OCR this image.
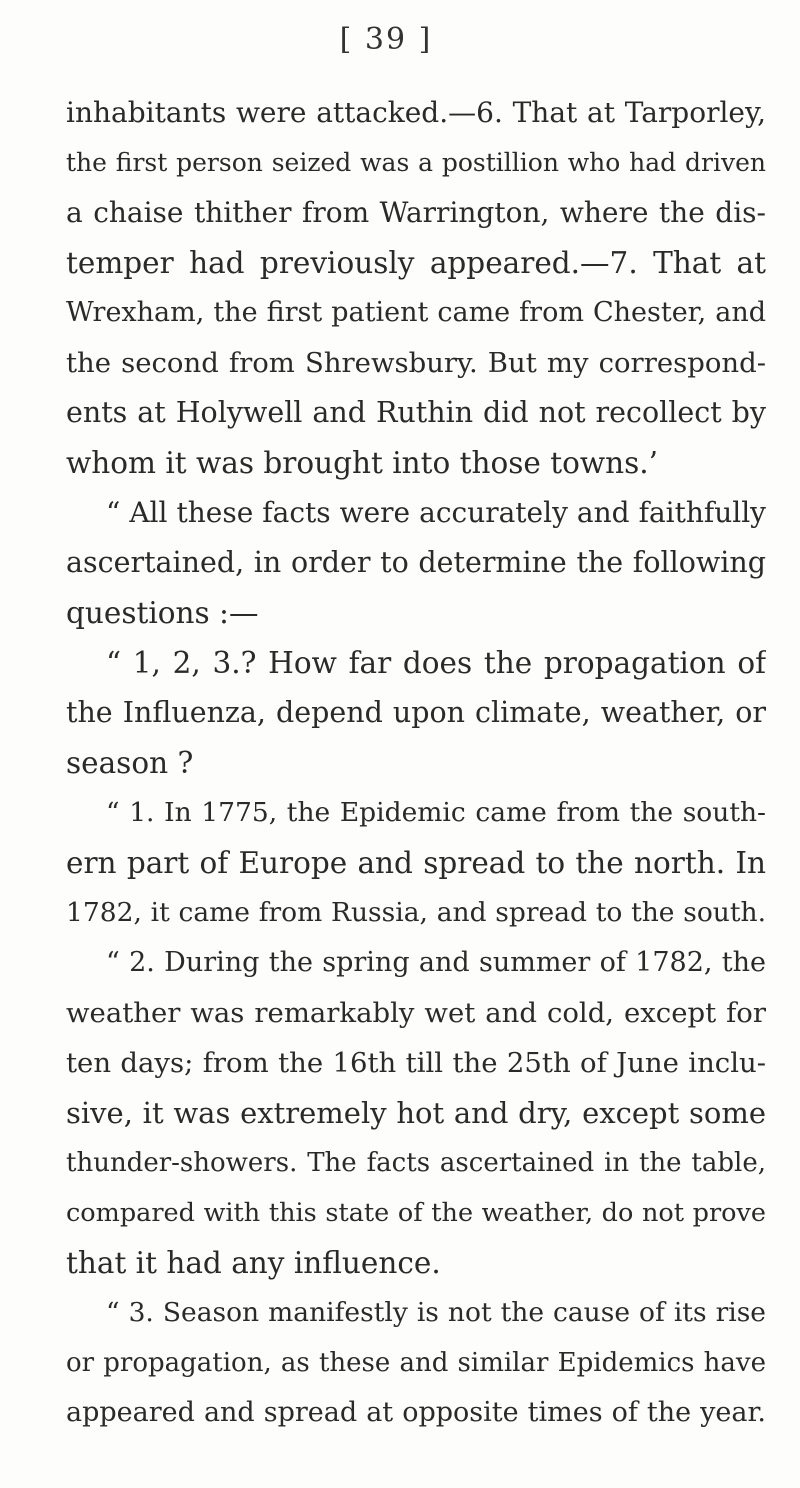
[ 39 ]
inhabitants were attacked.—6. That at Tarporley,
the first person seized was a postillion who had driven
a chaise thither from Warrington, where the dis-
temper had previously appeared.—7. That at
Wrexham, the first patient came from Chester, and
the second from Shrewsbury. But my correspond-
ents at Holywell and Ruthin did not recollect by
whom it was brought into those towns.’
“ All these facts were accurately and faithfully
ascertained, in order to determine the following
questions :—
“ 1, 2, 3.? How far does the propagation of
the Influenza, depend upon climate, weather, or
season ?
“ 1. In 1775, the Epidemic came from the south-
ern part of Europe and spread to the north. In
1782, it came from Russia, and spread to the south.
“ 2. During the spring and summer of 1782, the
weather was remarkably wet and cold, except for
ten days; from the 16th till the 25th of June inclu-
sive, it was extremely hot and dry, except some
thunder-showers. The facts ascertained in the table,
compared with this state of the weather, do not prove
that it had any influence.
“ 3. Season manifestly is not the cause of its rise
or propagation, as these and similar Epidemics have
appeared and spread at opposite times of the year.
